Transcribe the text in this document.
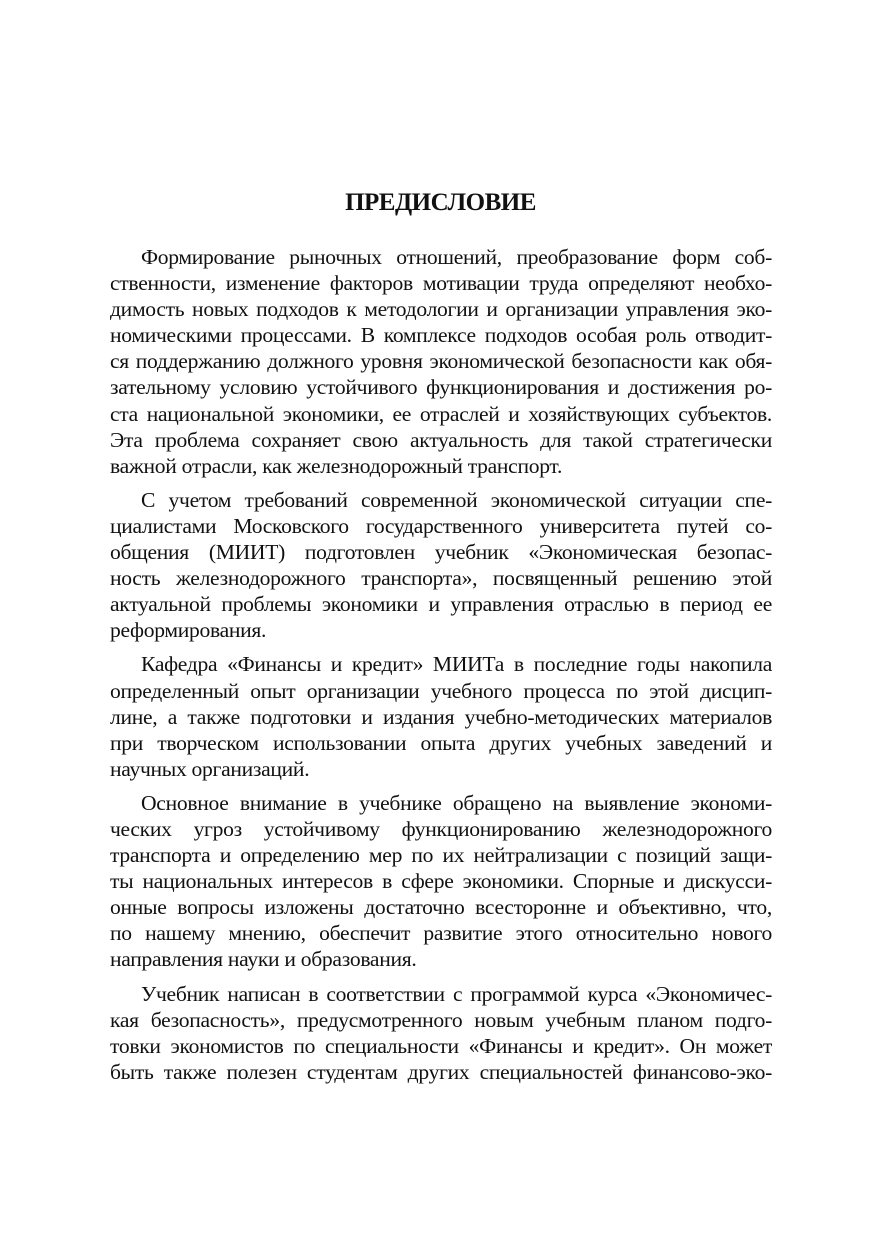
ПРЕДИСЛОВИЕ
Формирование рыночных отношений, преобразование форм соб-
ственности, изменение факторов мотивации труда определяют необхо-
димость новых подходов к методологии и организации управления эко-
номическими процессами. В комплексе подходов особая роль отводит-
ся поддержанию должного уровня экономической безопасности как обя-
зательному условию устойчивого функционирования и достижения ро-
ста национальной экономики, ее отраслей и хозяйствующих субъектов.
Эта проблема сохраняет свою актуальность для такой стратегически
важной отрасли, как железнодорожный транспорт.
С учетом требований современной экономической ситуации спе-
циалистами Московского государственного университета путей со-
общения (МИИТ) подготовлен учебник «Экономическая безопас-
ность железнодорожного транспорта», посвященный решению этой
актуальной проблемы экономики и управления отраслью в период ее
реформирования.
Кафедра «Финансы и кредит» МИИТа в последние годы накопила
определенный опыт организации учебного процесса по этой дисцип-
лине, а также подготовки и издания учебно-методических материалов
при творческом использовании опыта других учебных заведений и
научных организаций.
Основное внимание в учебнике обращено на выявление экономи-
ческих угроз устойчивому функционированию железнодорожного
транспорта и определению мер по их нейтрализации с позиций защи-
ты национальных интересов в сфере экономики. Спорные и дискусси-
онные вопросы изложены достаточно всесторонне и объективно, что,
по нашему мнению, обеспечит развитие этого относительно нового
направления науки и образования.
Учебник написан в соответствии с программой курса «Экономичес-
кая безопасность», предусмотренного новым учебным планом подго-
товки экономистов по специальности «Финансы и кредит». Он может
быть также полезен студентам других специальностей финансово-эко-
